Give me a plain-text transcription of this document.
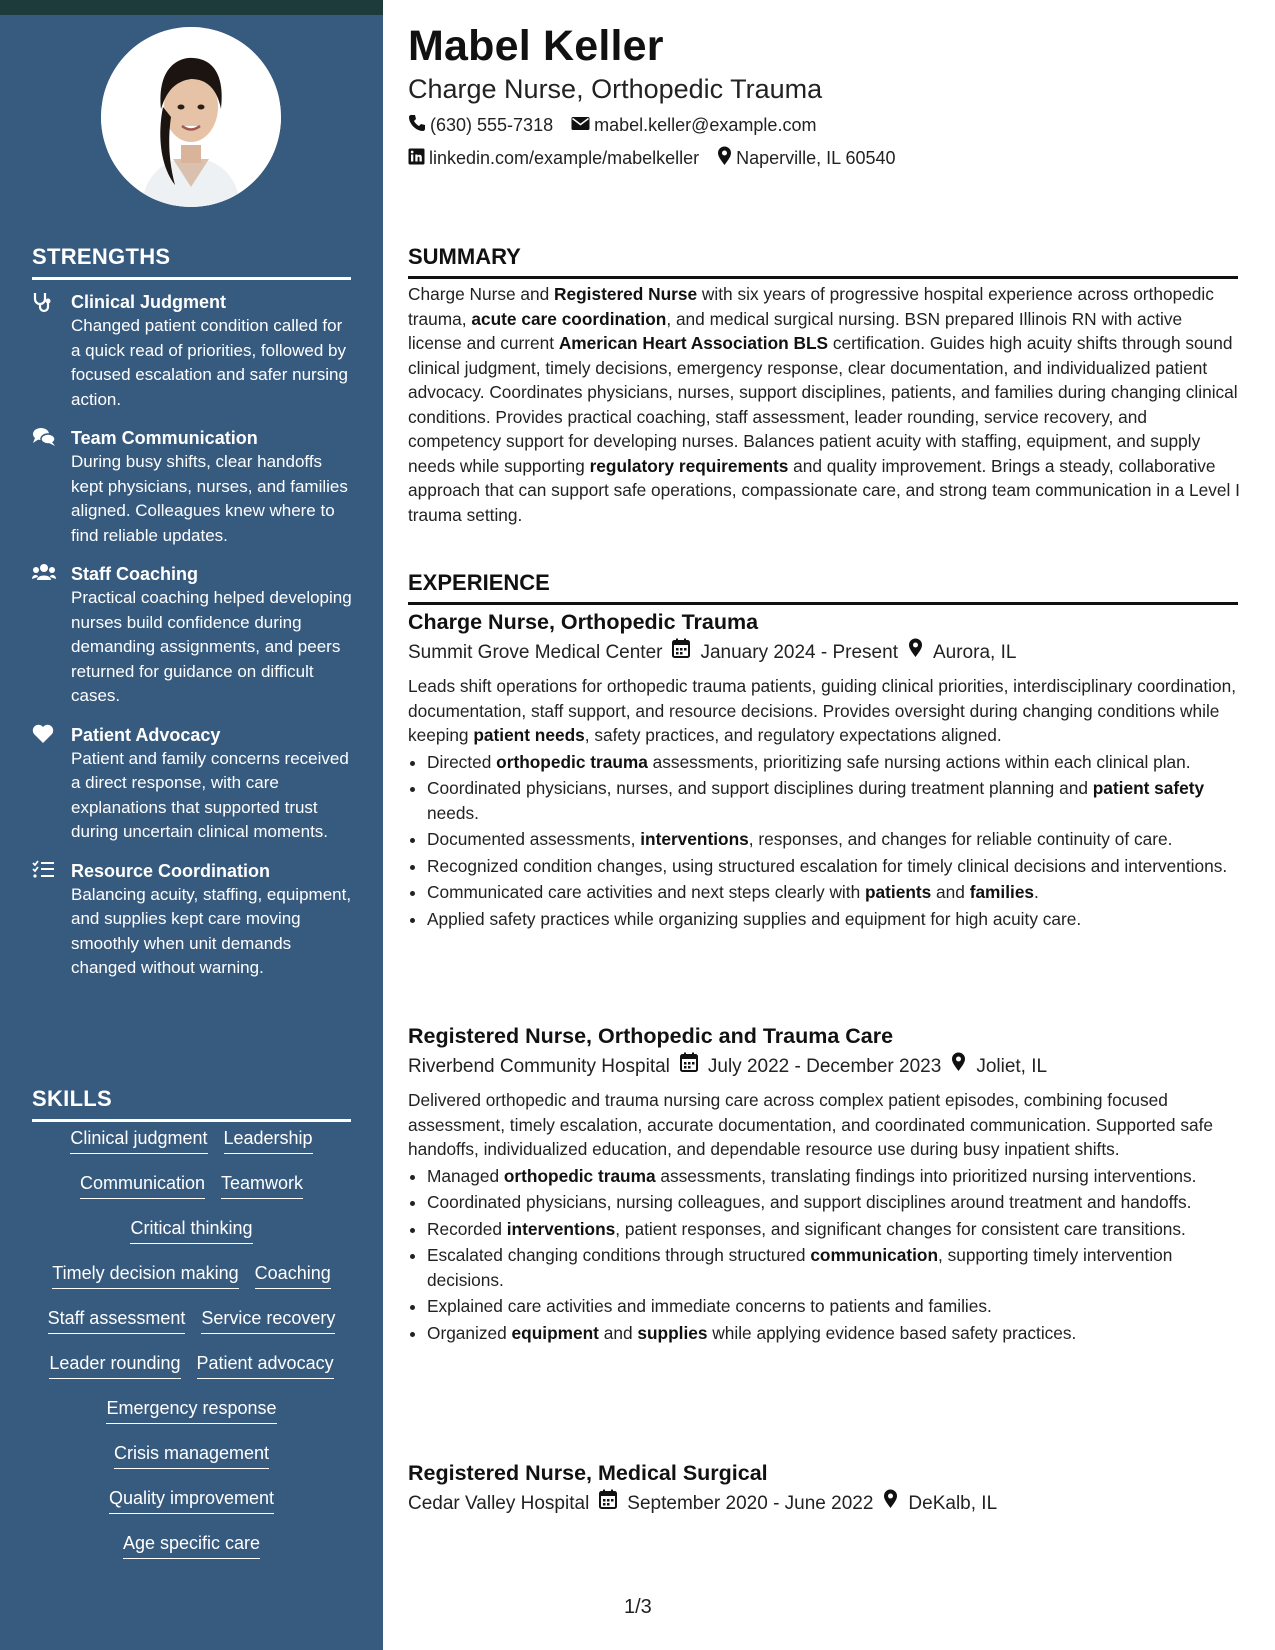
STRENGTHS
Clinical Judgment
Changed patient condition called for a quick read of priorities, followed by focused escalation and safer nursing action.
Team Communication
During busy shifts, clear handoffs kept physicians, nurses, and families aligned. Colleagues knew where to find reliable updates.
Staff Coaching
Practical coaching helped developing nurses build confidence during demanding assignments, and peers returned for guidance on difficult cases.
Patient Advocacy
Patient and family concerns received a direct response, with care explanations that supported trust during uncertain clinical moments.
Resource Coordination
Balancing acuity, staffing, equipment, and supplies kept care moving smoothly when unit demands changed without warning.
SKILLS
Clinical judgment Leadership
Communication Teamwork
Critical thinking
Timely decision making Coaching
Staff assessment Service recovery
Leader rounding Patient advocacy
Emergency response
Crisis management
Quality improvement
Age specific care
Mabel Keller
Charge Nurse, Orthopedic Trauma
(630) 555-7318 mabel.keller@example.com
linkedin.com/example/mabelkeller Naperville, IL 60540
SUMMARY
Charge Nurse and Registered Nurse with six years of progressive hospital experience across orthopedic trauma, acute care coordination, and medical surgical nursing. BSN prepared Illinois RN with active license and current American Heart Association BLS certification. Guides high acuity shifts through sound clinical judgment, timely decisions, emergency response, clear documentation, and individualized patient advocacy. Coordinates physicians, nurses, support disciplines, patients, and families during changing clinical conditions. Provides practical coaching, staff assessment, leader rounding, service recovery, and competency support for developing nurses. Balances patient acuity with staffing, equipment, and supply needs while supporting regulatory requirements and quality improvement. Brings a steady, collaborative approach that can support safe operations, compassionate care, and strong team communication in a Level I trauma setting.
EXPERIENCE
Charge Nurse, Orthopedic Trauma
Summit Grove Medical Center January 2024 - Present Aurora, IL
Leads shift operations for orthopedic trauma patients, guiding clinical priorities, interdisciplinary coordination, documentation, staff support, and resource decisions. Provides oversight during changing conditions while keeping patient needs, safety practices, and regulatory expectations aligned.
• Directed orthopedic trauma assessments, prioritizing safe nursing actions within each clinical plan.
• Coordinated physicians, nurses, and support disciplines during treatment planning and patient safety needs.
• Documented assessments, interventions, responses, and changes for reliable continuity of care.
• Recognized condition changes, using structured escalation for timely clinical decisions and interventions.
• Communicated care activities and next steps clearly with patients and families.
• Applied safety practices while organizing supplies and equipment for high acuity care.
Registered Nurse, Orthopedic and Trauma Care
Riverbend Community Hospital July 2022 - December 2023 Joliet, IL
Delivered orthopedic and trauma nursing care across complex patient episodes, combining focused assessment, timely escalation, accurate documentation, and coordinated communication. Supported safe handoffs, individualized education, and dependable resource use during busy inpatient shifts.
• Managed orthopedic trauma assessments, translating findings into prioritized nursing interventions.
• Coordinated physicians, nursing colleagues, and support disciplines around treatment and handoffs.
• Recorded interventions, patient responses, and significant changes for consistent care transitions.
• Escalated changing conditions through structured communication, supporting timely intervention decisions.
• Explained care activities and immediate concerns to patients and families.
• Organized equipment and supplies while applying evidence based safety practices.
Registered Nurse, Medical Surgical
Cedar Valley Hospital September 2020 - June 2022 DeKalb, IL
1/3
